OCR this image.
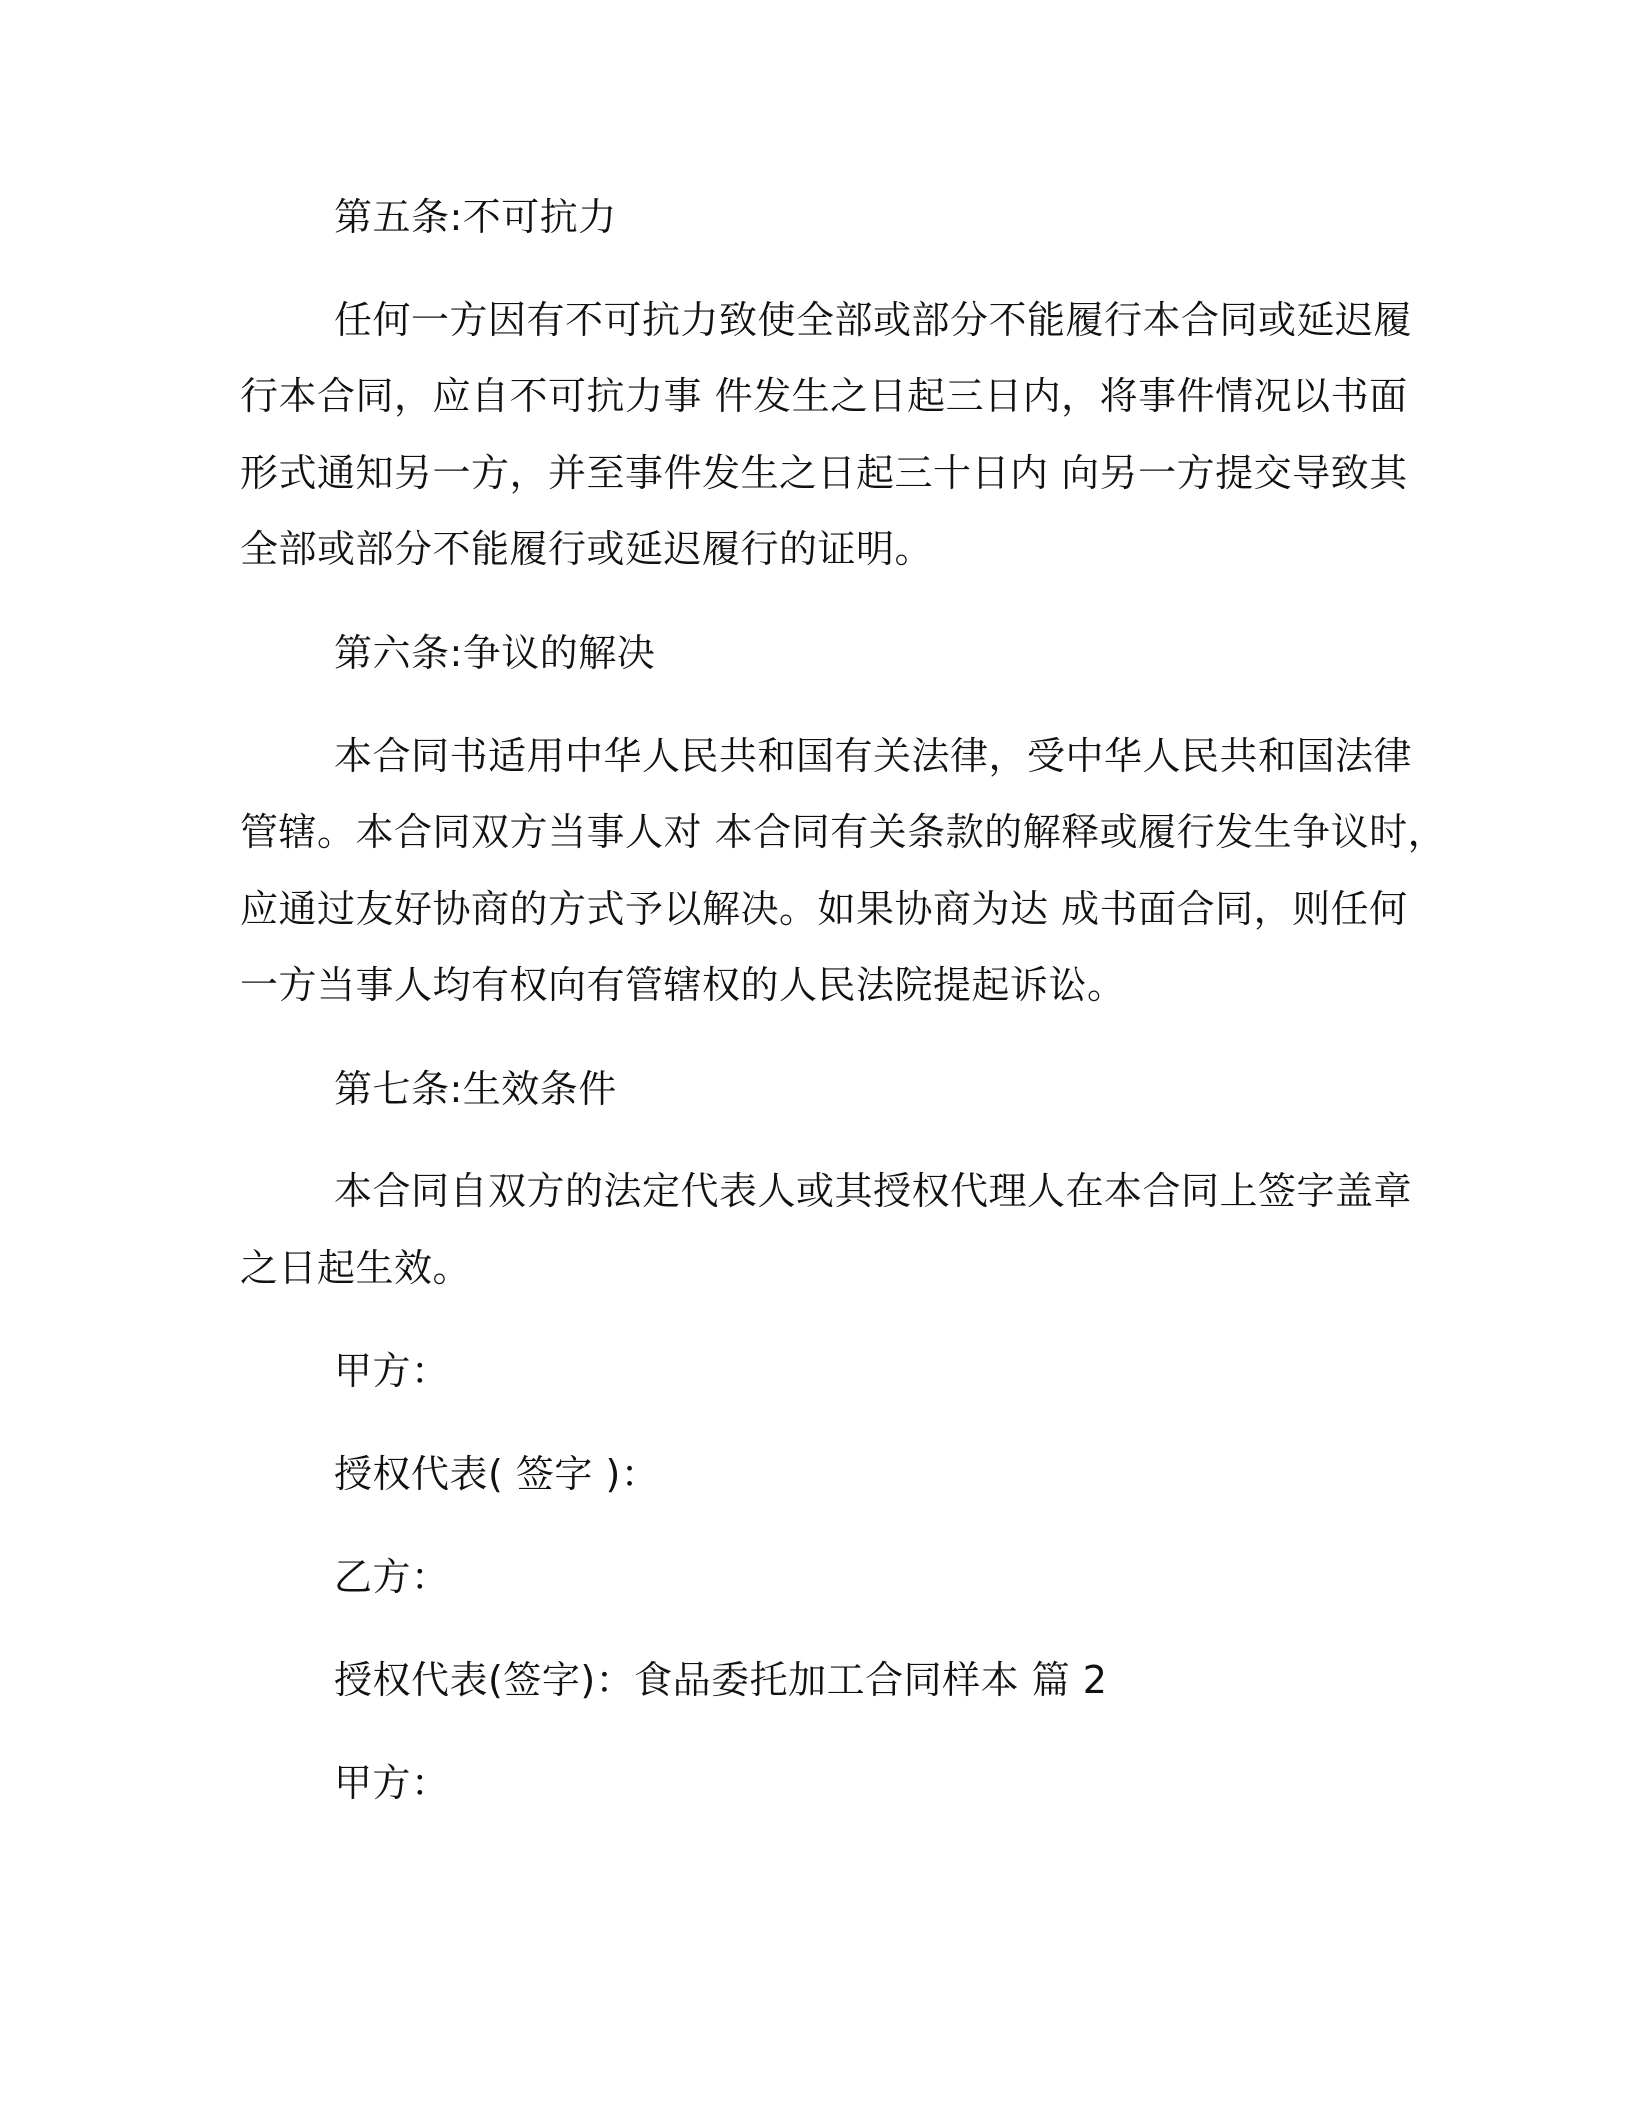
第五条:不可抗力

任何一方因有不可抗力致使全部或部分不能履行本合同或延迟履

行本合同，应自不可抗力事 件发生之日起三日内，将事件情况以书面

形式通知另一方，并至事件发生之日起三十日内 向另一方提交导致其

全部或部分不能履行或延迟履行的证明。

第六条:争议的解决

本合同书适用中华人民共和国有关法律，受中华人民共和国法律

管辖。本合同双方当事人对 本合同有关条款的解释或履行发生争议时，

应通过友好协商的方式予以解决。如果协商为达 成书面合同，则任何

一方当事人均有权向有管辖权的人民法院提起诉讼。

第七条:生效条件

本合同自双方的法定代表人或其授权代理人在本合同上签字盖章

之日起生效。

甲方：

授权代表( 签字 )：

乙方：

授权代表(签字)：食品委托加工合同样本 篇 2

甲方：
